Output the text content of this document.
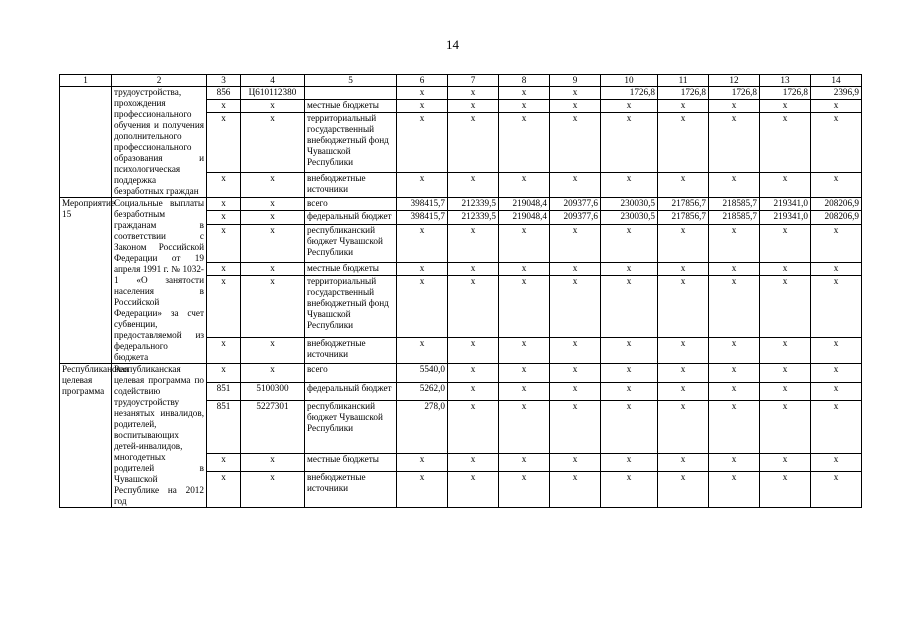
14
1	2	3	4	5	6	7	8	9	10	11	12	13	14
	трудоустройства, прохождения профессионального обучения и получения дополнительного профессионального образования и психологическая поддержка безработных граждан	856	Ц610112380		x	x	x	x	1726,8	1726,8	1726,8	1726,8	2396,9
		x	x	местные бюджеты	x	x	x	x	x	x	x	x	x
		x	x	территориальный государственный внебюджетный фонд Чувашской Республики	x	x	x	x	x	x	x	x	x
		x	x	внебюджетные источники	x	x	x	x	x	x	x	x	x
Мероприятие 15	Социальные выплаты безработным гражданам в соответствии с Законом Российской Федерации от 19 апреля 1991 г. № 1032-1 «О занятости населения в Российской Федерации» за счет субвенции, предоставляемой из федерального бюджета	x	x	всего	398415,7	212339,5	219048,4	209377,6	230030,5	217856,7	218585,7	219341,0	208206,9
		x	x	федеральный бюджет	398415,7	212339,5	219048,4	209377,6	230030,5	217856,7	218585,7	219341,0	208206,9
		x	x	республиканский бюджет Чувашской Республики	x	x	x	x	x	x	x	x	x
		x	x	местные бюджеты	x	x	x	x	x	x	x	x	x
		x	x	территориальный государственный внебюджетный фонд Чувашской Республики	x	x	x	x	x	x	x	x	x
		x	x	внебюджетные источники	x	x	x	x	x	x	x	x	x
Республиканская целевая программа	Республиканская целевая программа по содействию трудоустройству незанятых инвалидов, родителей, воспитывающих детей-инвалидов, многодетных родителей в Чувашской Республике на 2012 год	x	x	всего	5540,0	x	x	x	x	x	x	x	x
		851	5100300	федеральный бюджет	5262,0	x	x	x	x	x	x	x	x
		851	5227301	республиканский бюджет Чувашской Республики	278,0	x	x	x	x	x	x	x	x
		x	x	местные бюджеты	x	x	x	x	x	x	x	x	x
		x	x	внебюджетные источники	x	x	x	x	x	x	x	x	x
